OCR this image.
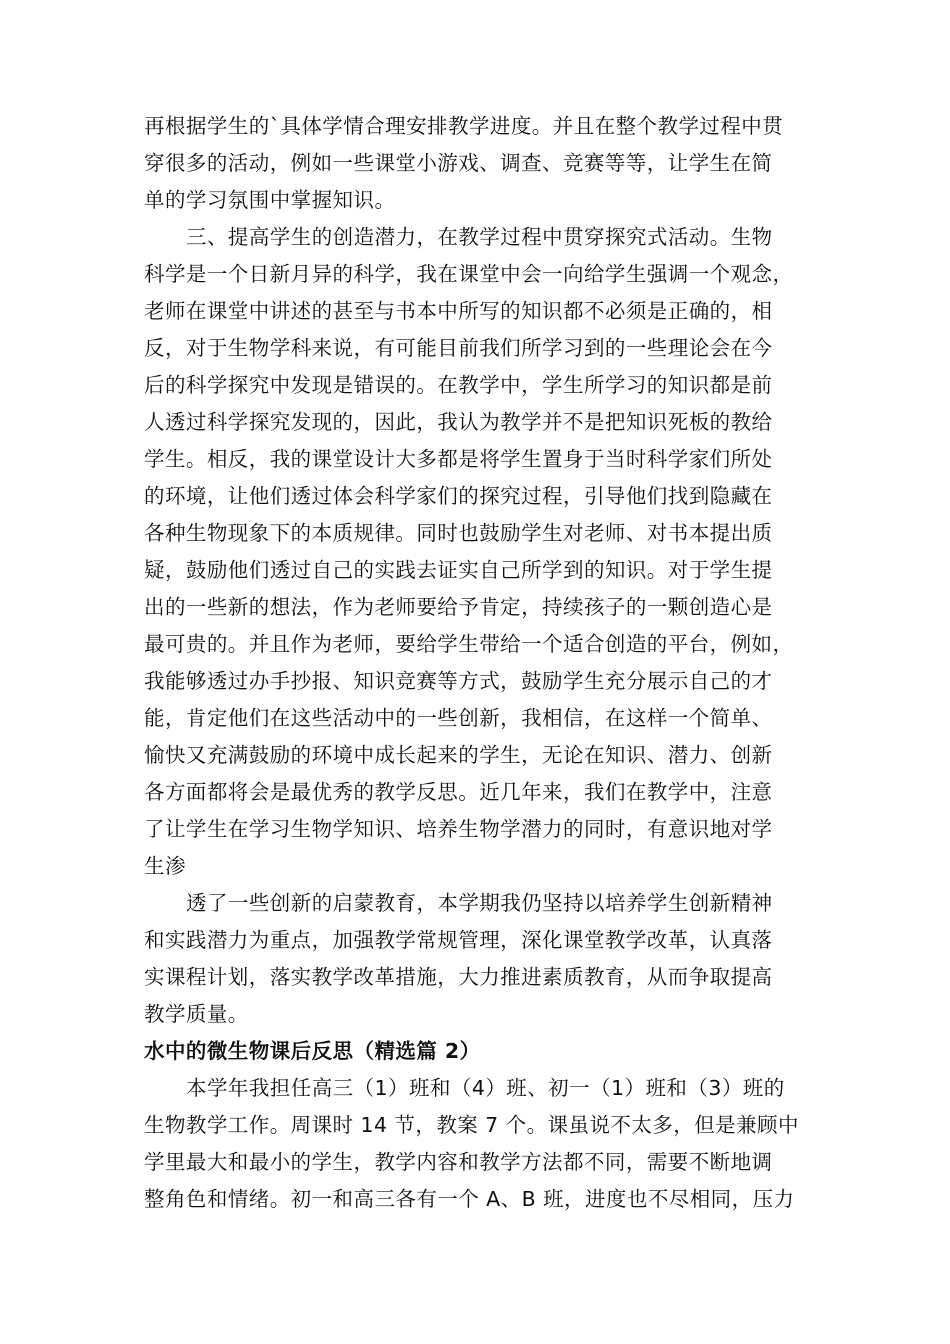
再根据学生的`具体学情合理安排教学进度。并且在整个教学过程中贯
穿很多的活动，例如一些课堂小游戏、调查、竞赛等等，让学生在简
单的学习氛围中掌握知识。
三、提高学生的创造潜力，在教学过程中贯穿探究式活动。生物
科学是一个日新月异的科学，我在课堂中会一向给学生强调一个观念，
老师在课堂中讲述的甚至与书本中所写的知识都不必须是正确的，相
反，对于生物学科来说，有可能目前我们所学习到的一些理论会在今
后的科学探究中发现是错误的。在教学中，学生所学习的知识都是前
人透过科学探究发现的，因此，我认为教学并不是把知识死板的教给
学生。相反，我的课堂设计大多都是将学生置身于当时科学家们所处
的环境，让他们透过体会科学家们的探究过程，引导他们找到隐藏在
各种生物现象下的本质规律。同时也鼓励学生对老师、对书本提出质
疑，鼓励他们透过自己的实践去证实自己所学到的知识。对于学生提
出的一些新的想法，作为老师要给予肯定，持续孩子的一颗创造心是
最可贵的。并且作为老师，要给学生带给一个适合创造的平台，例如，
我能够透过办手抄报、知识竞赛等方式，鼓励学生充分展示自己的才
能，肯定他们在这些活动中的一些创新，我相信，在这样一个简单、
愉快又充满鼓励的环境中成长起来的学生，无论在知识、潜力、创新
各方面都将会是最优秀的教学反思。近几年来，我们在教学中，注意
了让学生在学习生物学知识、培养生物学潜力的同时，有意识地对学
生渗
透了一些创新的启蒙教育，本学期我仍坚持以培养学生创新精神
和实践潜力为重点，加强教学常规管理，深化课堂教学改革，认真落
实课程计划，落实教学改革措施，大力推进素质教育，从而争取提高
教学质量。
水中的微生物课后反思（精选篇 2）
本学年我担任高三（1）班和（4）班、初一（1）班和（3）班的
生物教学工作。周课时 14 节，教案 7 个。课虽说不太多，但是兼顾中
学里最大和最小的学生，教学内容和教学方法都不同，需要不断地调
整角色和情绪。初一和高三各有一个 A、B 班，进度也不尽相同，压力
